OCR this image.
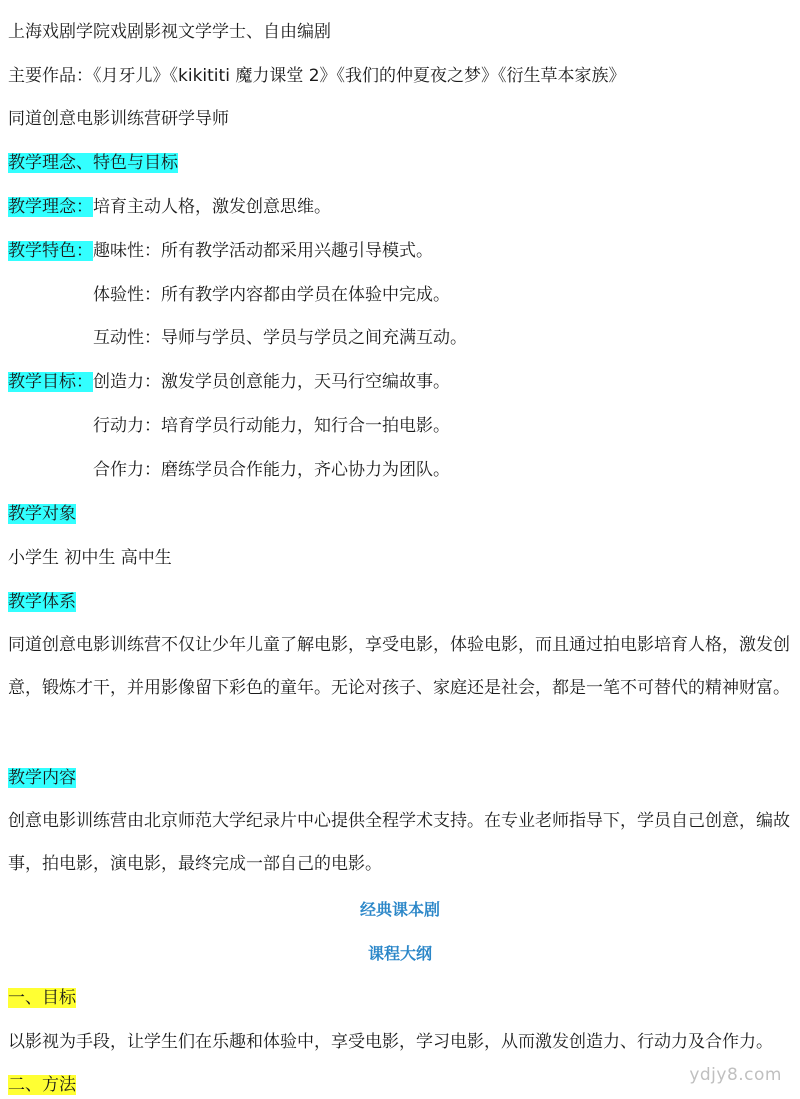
上海戏剧学院戏剧影视文学学士、自由编剧
主要作品：《月牙儿》《kikititi 魔力课堂 2》《我们的仲夏夜之梦》《衍生草本家族》
同道创意电影训练营研学导师
教学理念、特色与目标
教学理念：培育主动人格，激发创意思维。
教学特色：趣味性：所有教学活动都采用兴趣引导模式。
体验性：所有教学内容都由学员在体验中完成。
互动性：导师与学员、学员与学员之间充满互动。
教学目标：创造力：激发学员创意能力，天马行空编故事。
行动力：培育学员行动能力，知行合一拍电影。
合作力：磨练学员合作能力，齐心协力为团队。
教学对象
小学生 初中生 高中生
教学体系
同道创意电影训练营不仅让少年儿童了解电影，享受电影，体验电影，而且通过拍电影培育人格，激发创意，锻炼才干，并用影像留下彩色的童年。无论对孩子、家庭还是社会，都是一笔不可替代的精神财富。
教学内容
创意电影训练营由北京师范大学纪录片中心提供全程学术支持。在专业老师指导下，学员自己创意，编故事，拍电影，演电影，最终完成一部自己的电影。
经典课本剧
课程大纲
一、目标
以影视为手段，让学生们在乐趣和体验中，享受电影，学习电影，从而激发创造力、行动力及合作力。
二、方法	ydjy8.com
